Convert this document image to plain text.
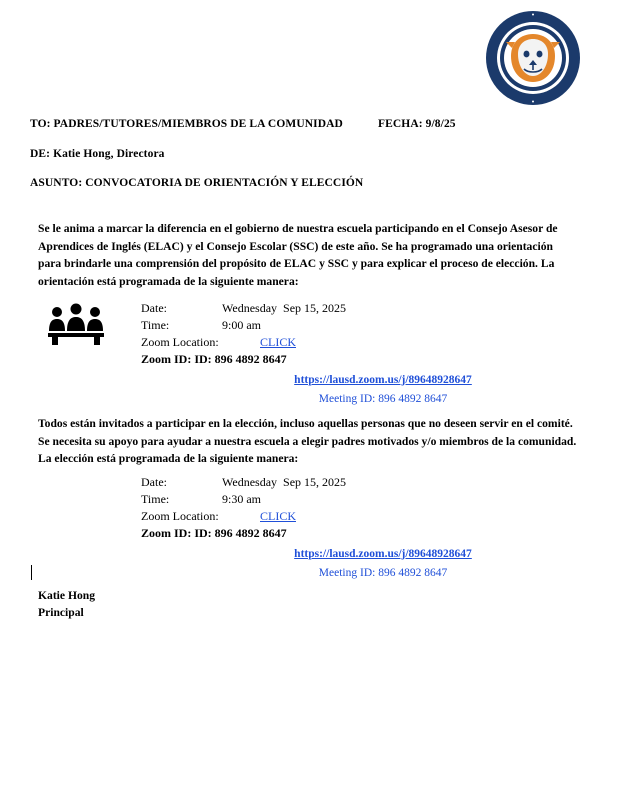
TO: PADRES/TUTORES/MIEMBROS DE LA COMUNIDAD	FECHA: 9/8/25
DE: Katie Hong, Directora
ASUNTO: CONVOCATORIA DE ORIENTACIÓN Y ELECCIÓN
Se le anima a marcar la diferencia en el gobierno de nuestra escuela participando en el Consejo Asesor de Aprendices de Inglés (ELAC) y el Consejo Escolar (SSC) de este año. Se ha programado una orientación para brindarle una comprensión del propósito de ELAC y SSC y para explicar el proceso de elección. La orientación está programada de la siguiente manera:
Date:	Wednesday Sep 15, 2025
Time:	9:00 am
Zoom Location:	CLICK
Zoom ID: ID: 896 4892 8647
https://lausd.zoom.us/j/89648928647
Meeting ID: 896 4892 8647
Todos están invitados a participar en la elección, incluso aquellas personas que no deseen servir en el comité. Se necesita su apoyo para ayudar a nuestra escuela a elegir padres motivados y/o miembros de la comunidad. La elección está programada de la siguiente manera:
Date:	Wednesday Sep 15, 2025
Time:	9:30 am
Zoom Location:	CLICK
Zoom ID: ID: 896 4892 8647
https://lausd.zoom.us/j/89648928647
Meeting ID: 896 4892 8647
Katie Hong
Principal
